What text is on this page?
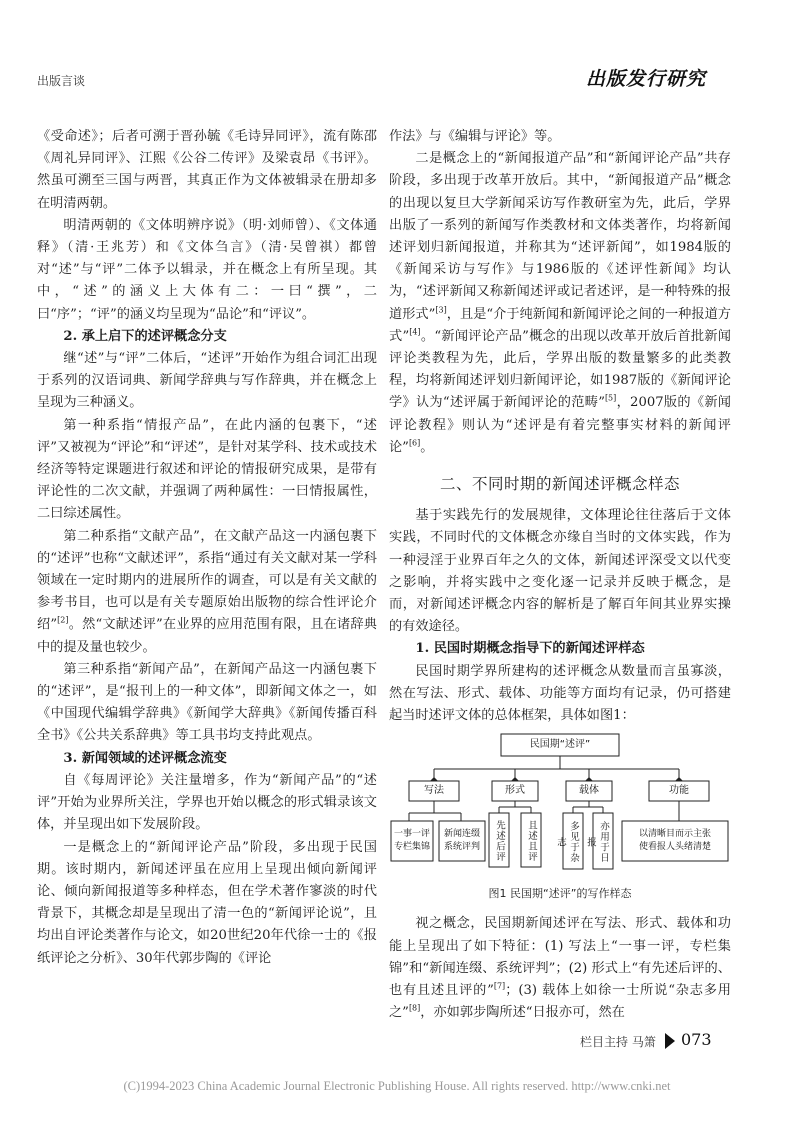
出版言谈	出版发行研究

《受命述》；后者可溯于晋孙毓《毛诗异同评》，流有陈邵《周礼异同评》、江熙《公谷二传评》及梁袁昂《书评》。然虽可溯至三国与两晋，其真正作为文体被辑录在册却多在明清两朝。

明清两朝的《文体明辨序说》（明·刘师曾）、《文体通释》（清·王兆芳）和《文体刍言》（清·吴曾祺）都曾对“述”与“评”二体予以辑录，并在概念上有所呈现。其中，“述”的涵义上大体有二：一曰“撰”，二曰“序”；“评”的涵义均呈现为“品论”和“评议”。

2. 承上启下的述评概念分支

继“述”与“评”二体后，“述评”开始作为组合词汇出现于系列的汉语词典、新闻学辞典与写作辞典，并在概念上呈现为三种涵义。

第一种系指“情报产品”，在此内涵的包裹下，“述评”又被视为“评论”和“评述”，是针对某学科、技术或技术经济等特定课题进行叙述和评论的情报研究成果，是带有评论性的二次文献，并强调了两种属性：一曰情报属性，二曰综述属性。

第二种系指“文献产品”，在文献产品这一内涵包裹下的“述评”也称“文献述评”，系指“通过有关文献对某一学科领域在一定时期内的进展所作的调查，可以是有关文献的参考书目，也可以是有关专题原始出版物的综合性评论介绍”[2]。然“文献述评”在业界的应用范围有限，且在诸辞典中的提及量也较少。

第三种系指“新闻产品”，在新闻产品这一内涵包裹下的“述评”，是“报刊上的一种文体”，即新闻文体之一，如《中国现代编辑学辞典》《新闻学大辞典》《新闻传播百科全书》《公共关系辞典》等工具书均支持此观点。

3. 新闻领域的述评概念流变

自《每周评论》关注量增多，作为“新闻产品”的“述评”开始为业界所关注，学界也开始以概念的形式辑录该文体，并呈现出如下发展阶段。

一是概念上的“新闻评论产品”阶段，多出现于民国期。该时期内，新闻述评虽在应用上呈现出倾向新闻评论、倾向新闻报道等多种样态，但在学术著作寥淡的时代背景下，其概念却是呈现出了清一色的“新闻评论说”，且均出自评论类著作与论文，如20世纪20年代徐一士的《报纸评论之分析》、30年代郭步陶的《评论

作法》与《编辑与评论》等。

二是概念上的“新闻报道产品”和“新闻评论产品”共存阶段，多出现于改革开放后。其中，“新闻报道产品”概念的出现以复旦大学新闻采访写作教研室为先，此后，学界出版了一系列的新闻写作类教材和文体类著作，均将新闻述评划归新闻报道，并称其为“述评新闻”，如1984版的《新闻采访与写作》与1986版的《述评性新闻》均认为，“述评新闻又称新闻述评或记者述评，是一种特殊的报道形式”[3]，且是“介于纯新闻和新闻评论之间的一种报道方式”[4]。“新闻评论产品”概念的出现以改革开放后首批新闻评论类教程为先，此后，学界出版的数量繁多的此类教程，均将新闻述评划归新闻评论，如1987版的《新闻评论学》认为“述评属于新闻评论的范畴”[5]，2007版的《新闻评论教程》则认为“述评是有着完整事实材料的新闻评论”[6]。

二、不同时期的新闻述评概念样态

基于实践先行的发展规律，文体理论往往落后于文体实践，不同时代的文体概念亦缘自当时的文体实践，作为一种浸淫于业界百年之久的文体，新闻述评深受文以代变之影响，并将实践中之变化逐一记录并反映于概念，是而，对新闻述评概念内容的解析是了解百年间其业界实操的有效途径。

1. 民国时期概念指导下的新闻述评样态

民国时期学界所建构的述评概念从数量而言虽寡淡，然在写法、形式、载体、功能等方面均有记录，仍可搭建起当时述评文体的总体框架，具体如图1：

民国期“述评”
写法	形式	载体	功能
一事一评
专栏集锦
新闻连缀
系统评判	先述后评 且述且评	多见于杂志	亦用于日报
以清晰目而示主张
使看报人头绪清楚
图1 民国期“述评”的写作样态

视之概念，民国期新闻述评在写法、形式、载体和功能上呈现出了如下特征：(1) 写法上“一事一评，专栏集锦”和“新闻连缀、系统评判”；(2) 形式上“有先述后评的、也有且述且评的”[7]；(3) 载体上如徐一士所说“杂志多用之”[8]，亦如郭步陶所述“日报亦可，然在

栏目主持 马箫 073
(C)1994-2023 China Academic Journal Electronic Publishing House. All rights reserved. http://www.cnki.net
